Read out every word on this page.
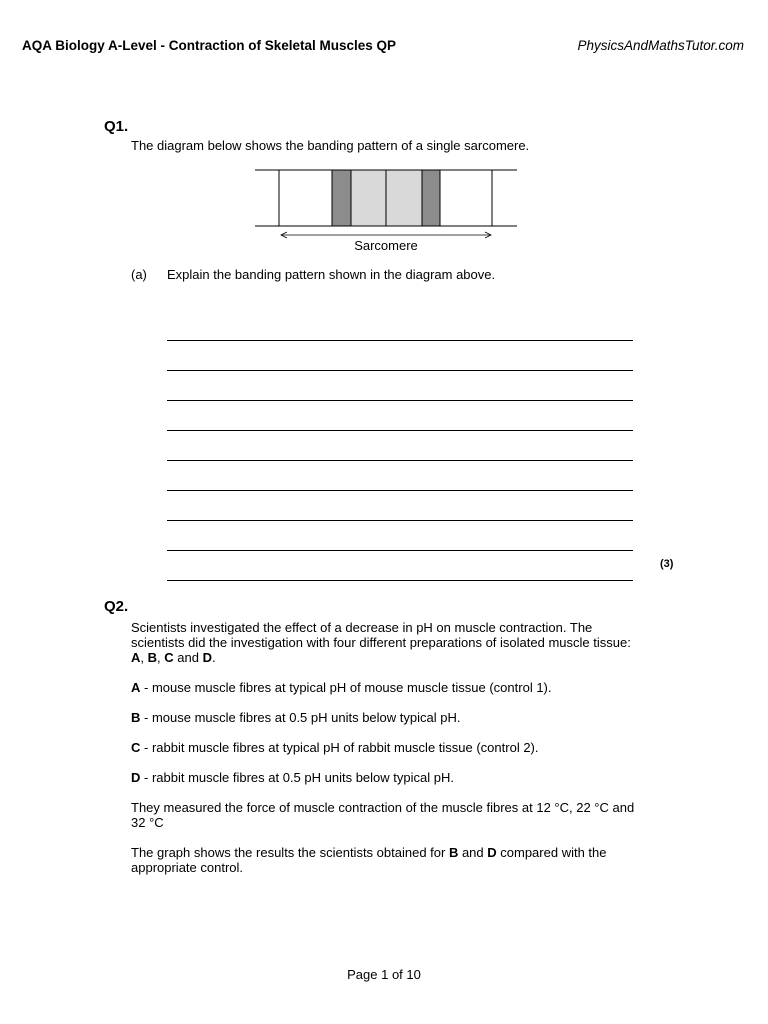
AQA Biology A-Level - Contraction of Skeletal Muscles QP	PhysicsAndMathsTutor.com
Q1.
The diagram below shows the banding pattern of a single sarcomere.
Sarcomere
(a) Explain the banding pattern shown in the diagram above.
(3)
Q2.

Scientists investigated the effect of a decrease in pH on muscle contraction. The scientists did the investigation with four different preparations of isolated muscle tissue: A, B, C and D.

A - mouse muscle fibres at typical pH of mouse muscle tissue (control 1).

B - mouse muscle fibres at 0.5 pH units below typical pH.

C - rabbit muscle fibres at typical pH of rabbit muscle tissue (control 2).

D - rabbit muscle fibres at 0.5 pH units below typical pH.

They measured the force of muscle contraction of the muscle fibres at 12 °C, 22 °C and 32 °C

The graph shows the results the scientists obtained for B and D compared with the appropriate control.

Page 1 of 10
